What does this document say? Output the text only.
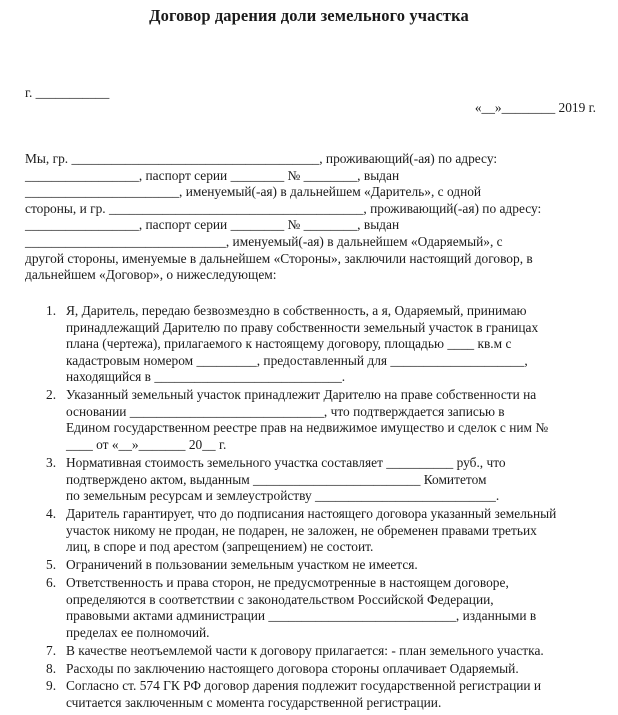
Договор дарения доли земельного участка
г. ___________
«__»________ 2019 г.
Мы, гр. _____________________________________, проживающий(-ая) по адресу:
_________________, паспорт серии ________ № ________, выдан
_______________________, именуемый(-ая) в дальнейшем «Даритель», с одной
стороны, и гр. ______________________________________, проживающий(-ая) по адресу:
_________________, паспорт серии ________ № ________, выдан
______________________________, именуемый(-ая) в дальнейшем «Одаряемый», с
другой стороны, именуемые в дальнейшем «Стороны», заключили настоящий договор, в
дальнейшем «Договор», о нижеследующем:
1. Я, Даритель, передаю безвозмездно в собственность, а я, Одаряемый, принимаю
принадлежащий Дарителю по праву собственности земельный участок в границах
плана (чертежа), прилагаемого к настоящему договору, площадью ____ кв.м с
кадастровым номером _________, предоставленный для ____________________,
находящийся в ____________________________.
2. Указанный земельный участок принадлежит Дарителю на праве собственности на
основании _____________________________, что подтверждается записью в
Едином государственном реестре прав на недвижимое имущество и сделок с ним №
____ от «__»_______ 20__ г.
3. Нормативная стоимость земельного участка составляет __________ руб., что
подтверждено актом, выданным _________________________ Комитетом
по земельным ресурсам и землеустройству ___________________________.
4. Даритель гарантирует, что до подписания настоящего договора указанный земельный
участок никому не продан, не подарен, не заложен, не обременен правами третьих
лиц, в споре и под арестом (запрещением) не состоит.
5. Ограничений в пользовании земельным участком не имеется.
6. Ответственность и права сторон, не предусмотренные в настоящем договоре,
определяются в соответствии с законодательством Российской Федерации,
правовыми актами администрации ____________________________, изданными в
пределах ее полномочий.
7. В качестве неотъемлемой части к договору прилагается: - план земельного участка.
8. Расходы по заключению настоящего договора стороны оплачивает Одаряемый.
9. Согласно ст. 574 ГК РФ договор дарения подлежит государственной регистрации и
считается заключенным с момента государственной регистрации.
